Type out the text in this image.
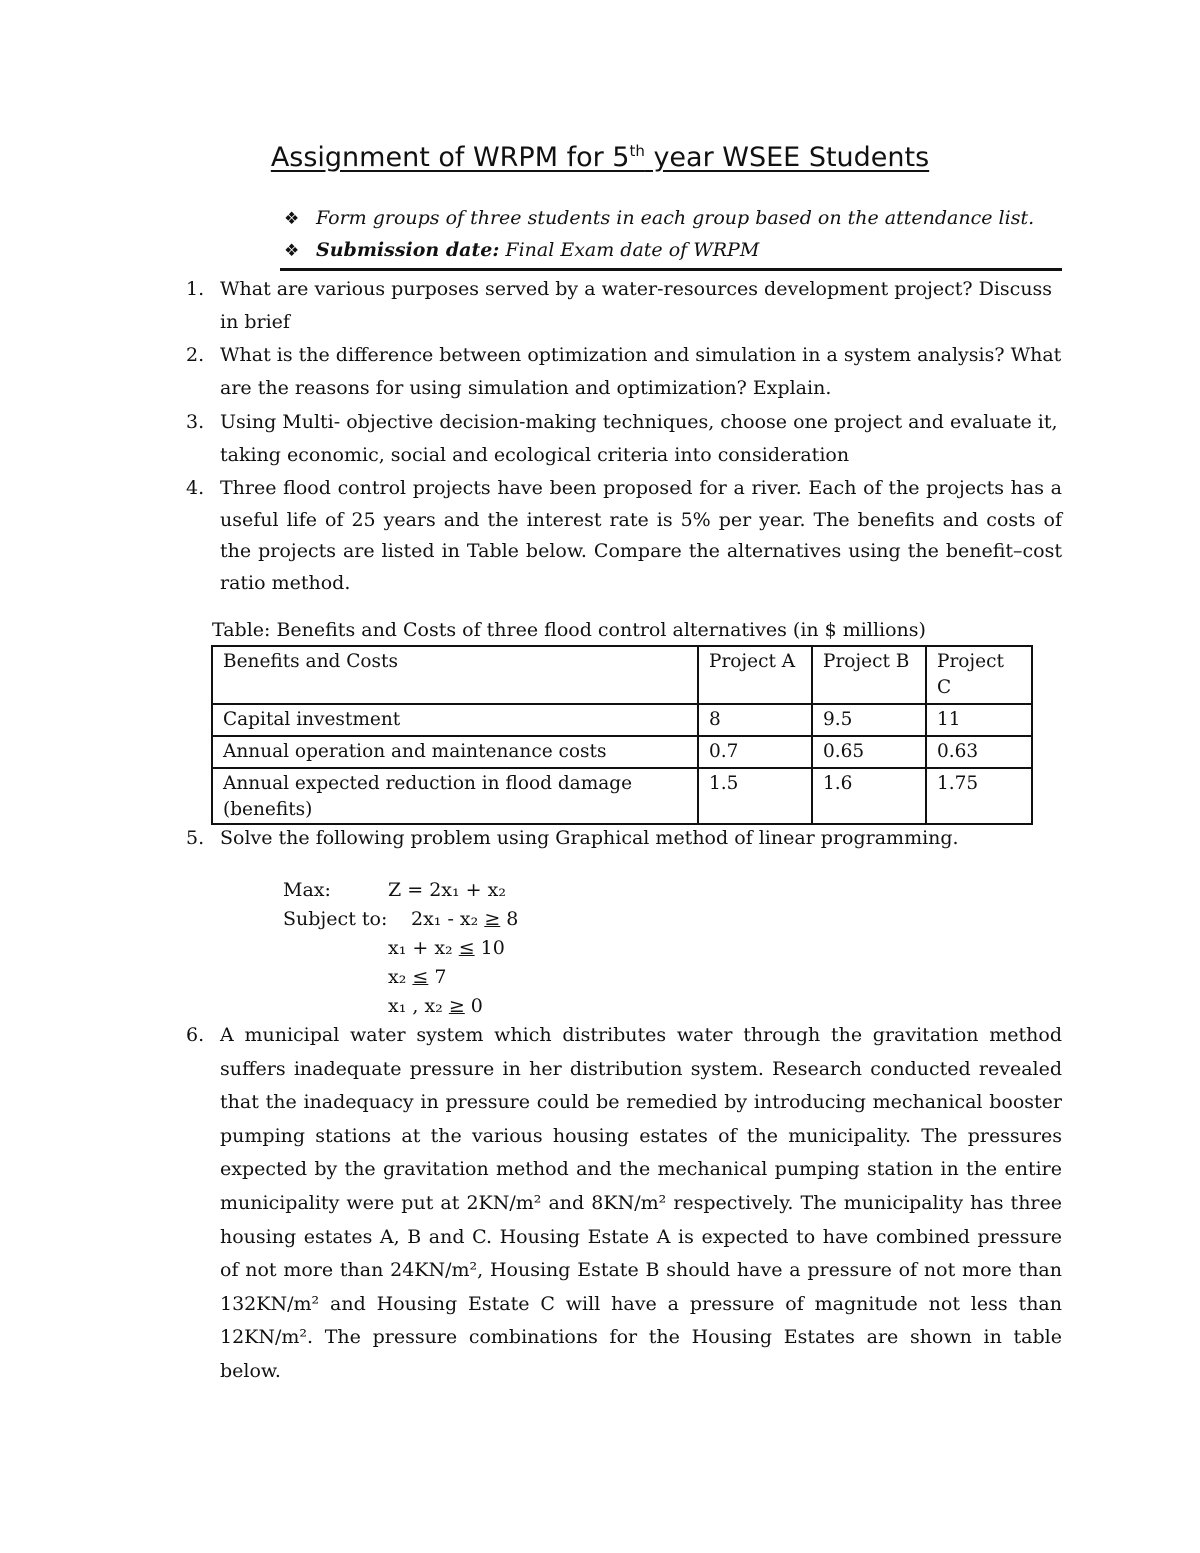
Assignment of WRPM for 5th year WSEE Students
❖ Form groups of three students in each group based on the attendance list.
❖ Submission date: Final Exam date of WRPM
1. What are various purposes served by a water-resources development project? Discuss in brief
2. What is the difference between optimization and simulation in a system analysis? What are the reasons for using simulation and optimization? Explain.
3. Using Multi- objective decision-making techniques, choose one project and evaluate it, taking economic, social and ecological criteria into consideration
4. Three flood control projects have been proposed for a river. Each of the projects has a useful life of 25 years and the interest rate is 5% per year. The benefits and costs of the projects are listed in Table below. Compare the alternatives using the benefit–cost ratio method.
Table: Benefits and Costs of three flood control alternatives (in $ millions)
Benefits and Costs	Project A	Project B	Project C
Capital investment	8	9.5	11
Annual operation and maintenance costs	0.7	0.65	0.63
Annual expected reduction in flood damage (benefits)	1.5	1.6	1.75
5. Solve the following problem using Graphical method of linear programming.
Max:	Z = 2x₁ + x₂
Subject to: 2x₁ - x₂ ≥ 8
x₁ + x₂ ≤ 10
x₂ ≤ 7
x₁ , x₂ ≥ 0
6. A municipal water system which distributes water through the gravitation method suffers inadequate pressure in her distribution system. Research conducted revealed that the inadequacy in pressure could be remedied by introducing mechanical booster pumping stations at the various housing estates of the municipality. The pressures expected by the gravitation method and the mechanical pumping station in the entire municipality were put at 2KN/m² and 8KN/m² respectively. The municipality has three housing estates A, B and C. Housing Estate A is expected to have combined pressure of not more than 24KN/m², Housing Estate B should have a pressure of not more than 132KN/m² and Housing Estate C will have a pressure of magnitude not less than 12KN/m². The pressure combinations for the Housing Estates are shown in table below.
